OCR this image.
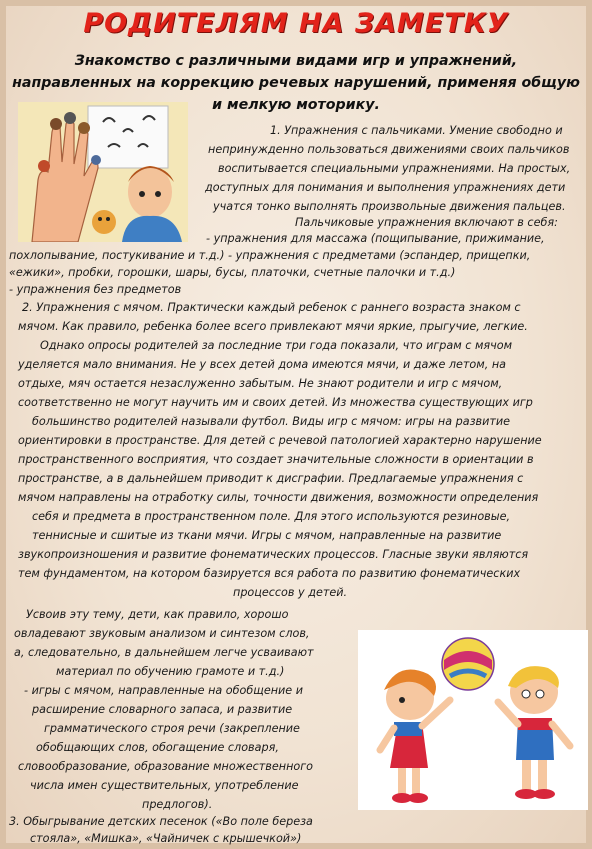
РОДИТЕЛЯМ НА ЗАМЕТКУ
Знакомство с различными видами игр и упражнений,
направленных на коррекцию речевых нарушений, применяя общую
и мелкую моторику.
1. Упражнения с пальчиками. Умение свободно и
непринужденно пользоваться движениями своих пальчиков
воспитывается специальными упражнениями. На простых,
доступных для понимания и выполнения упражнениях дети
учатся тонко выполнять произвольные движения пальцев.
Пальчиковые упражнения включают в себя:
- упражнения для массажа (пощипывание, прижимание,
похлопывание, постукивание и т.д.) - упражнения с предметами (эспандер, прищепки,
«ежики», пробки, горошки, шары, бусы, платочки, счетные палочки и т.д.)
- упражнения без предметов
2. Упражнения с мячом. Практически каждый ребенок с раннего возраста знаком с
мячом. Как правило, ребенка более всего привлекают мячи яркие, прыгучие, легкие.
Однако опросы родителей за последние три года показали, что играм с мячом
уделяется мало внимания. Не у всех детей дома имеются мячи, и даже летом, на
отдыхе, мяч остается незаслуженно забытым. Не знают родители и игр с мячом,
соответственно не могут научить им и своих детей. Из множества существующих игр
большинство родителей называли футбол. Виды игр с мячом: игры на развитие
ориентировки в пространстве. Для детей с речевой патологией характерно нарушение
пространственного восприятия, что создает значительные сложности в ориентации в
пространстве, а в дальнейшем приводит к дисграфии. Предлагаемые упражнения с
мячом направлены на отработку силы, точности движения, возможности определения
себя и предмета в пространственном поле. Для этого используются резиновые,
теннисные и сшитые из ткани мячи. Игры с мячом, направленные на развитие
звукопроизношения и развитие фонематических процессов. Гласные звуки являются
тем фундаментом, на котором базируется вся работа по развитию фонематических
процессов у детей.
Усвоив эту тему, дети, как правило, хорошо
овладевают звуковым анализом и синтезом слов,
а, следовательно, в дальнейшем легче усваивают
материал по обучению грамоте и т.д.)
- игры с мячом, направленные на обобщение и
расширение словарного запаса, и развитие
грамматического строя речи (закрепление
обобщающих слов, обогащение словаря,
словообразование, образование множественного
числа имен существительных, употребление
предлогов).
3. Обыгрывание детских песенок («Во поле береза
стояла», «Мишка», «Чайничек с крышечкой»)
